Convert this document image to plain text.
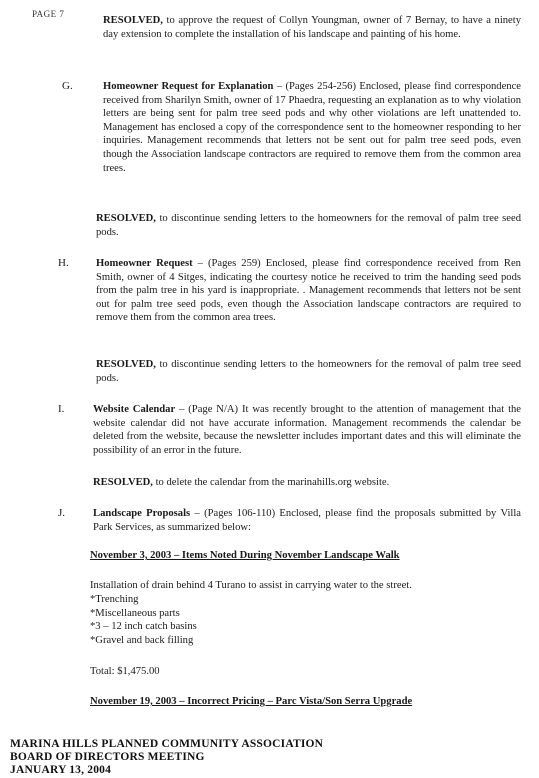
PAGE 7
RESOLVED, to approve the request of Collyn Youngman, owner of 7 Bernay, to have a ninety day extension to complete the installation of his landscape and painting of his home.
G.	Homeowner Request for Explanation – (Pages 254-256) Enclosed, please find correspondence received from Sharilyn Smith, owner of 17 Phaedra, requesting an explanation as to why violation letters are being sent for palm tree seed pods and why other violations are left unattended to. Management has enclosed a copy of the correspondence sent to the homeowner responding to her inquiries. Management recommends that letters not be sent out for palm tree seed pods, even though the Association landscape contractors are required to remove them from the common area trees.
RESOLVED, to discontinue sending letters to the homeowners for the removal of palm tree seed pods.
H.	Homeowner Request – (Pages 259) Enclosed, please find correspondence received from Ren Smith, owner of 4 Sitges, indicating the courtesy notice he received to trim the handing seed pods from the palm tree in his yard is inappropriate. . Management recommends that letters not be sent out for palm tree seed pods, even though the Association landscape contractors are required to remove them from the common area trees.
RESOLVED, to discontinue sending letters to the homeowners for the removal of palm tree seed pods.
I.	Website Calendar – (Page N/A) It was recently brought to the attention of management that the website calendar did not have accurate information. Management recommends the calendar be deleted from the website, because the newsletter includes important dates and this will eliminate the possibility of an error in the future.
RESOLVED, to delete the calendar from the marinahills.org website.
J.	Landscape Proposals – (Pages 106-110) Enclosed, please find the proposals submitted by Villa Park Services, as summarized below:
November 3, 2003 – Items Noted During November Landscape Walk
Installation of drain behind 4 Turano to assist in carrying water to the street.
*Trenching
*Miscellaneous parts
*3 – 12 inch catch basins
*Gravel and back filling
Total: $1,475.00
November 19, 2003 – Incorrect Pricing – Parc Vista/Son Serra Upgrade
MARINA HILLS PLANNED COMMUNITY ASSOCIATION
BOARD OF DIRECTORS MEETING
JANUARY 13, 2004
